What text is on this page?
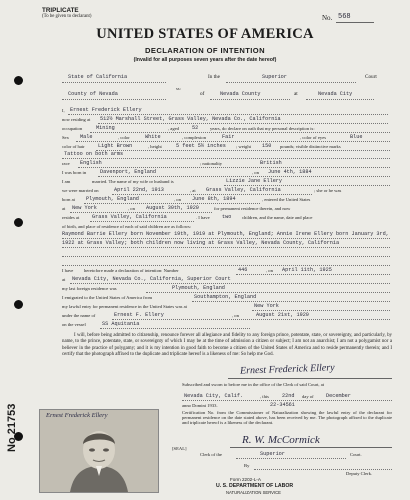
TRIPLICATE
(To be given to declarant)	No. 568
UNITED STATES OF AMERICA
DECLARATION OF INTENTION
(Invalid for all purposes seven years after the date hereof)
State of California
County of Nevada
ss:
In the	Superior	Court
of	Nevada County	at	Nevada City
I, Ernest Frederick Ellery
now residing at 512½ Marshall Street, Grass Valley, Nevada Co., California
occupation	Mining	, aged	52	years, do declare on oath that my personal description is:
Sex Male	, color	White	, complexion	Fair	, color of eyes	Blue
color of hair	Light Brown	, height	5 feet 5½ inches ; weight 150 pounds; visible distinctive marks
Tattoo on both arms
race English	; nationality	British
I was born in	Davenport, England	, on June 4th, 1884
I am	married. The name of my wife or husband is	Lizzie Jane Ellery
we were married on	April 22nd, 1913	, at Grass Valley, California	; she or he was
born at Plymouth, England	, on June 8th, 1894	, entered the United States
at New York	, on August 30th, 1920	for permanent residence therein, and now
resides at Grass Valley, California	. I have two children, and the name, date and place
of birth, and place of residence of each of said children are as follows:
Raymond Barrie Ellery born November 19th, 1919 at Plymouth, England; Annie Irene Ellery born January 3rd, 1922 at Grass Valley; both children now living at Grass Valley, Nevada County, California
I have heretofore made a declaration of intention: Number	446	, on April 11th, 1925
at Nevada City, Nevada Co., California, Superior Court
my last foreign residence was	Plymouth, England
I emigrated to the United States of America from	Southampton, England
my lawful entry for permanent residence in the United States was at	New York
under the name of	Ernest F. Ellery	, on	August 21st, 1920
on the vessel	SS Aquitania
I will, before being admitted to citizenship, renounce forever all allegiance and fidelity to any foreign prince, potentate, state, or sovereignty, and particularly, by name, to the prince, potentate, state, or sovereignty of which I may be at the time of admission a citizen or subject; I am not an anarchist; I am not a polygamist nor a believer in the practice of polygamy; and it is my intention in good faith to become a citizen of the United States of America and to reside permanently therein; and I certify that the photograph affixed to the duplicate and triplicate hereof is a likeness of me: So help me God.
Ernest Frederick Ellery
Subscribed and sworn to before me in the office of the Clerk of said Court, at
Nevada City, Calif.	, this	22nd day of December
anno Domini 1933.	22-34561
Certification No. from the Commissioner of Naturalization showing the lawful entry of the declarant for permanent residence on the date stated above, has been received by me. The photograph affixed to the duplicate and triplicate hereof is a likeness of the declarant.
Ernest Frederick Ellery
[SEAL]
R. W. McCormick
Clerk of the	Superior	Court.
By
Deputy Clerk.
Form 2202-L-A
U. S. DEPARTMENT OF LABOR
NATURALIZATION SERVICE
No 21753
